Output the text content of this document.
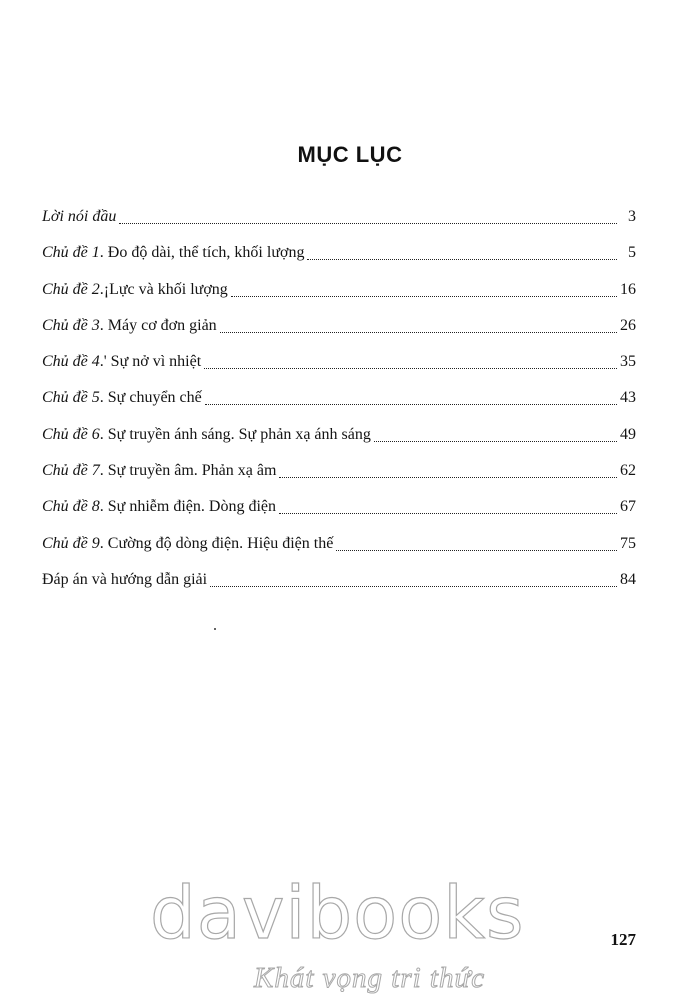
MỤC LỤC
Lời nói đầu	3
Chủ đề 1. Đo độ dài, thể tích, khối lượng	5
Chủ đề 2.¡Lực và khối lượng	16
Chủ đề 3. Máy cơ đơn giản	26
Chủ đề 4.' Sự nở vì nhiệt	35
Chủ đề 5. Sự chuyển chế	43
Chủ đề 6. Sự truyền ánh sáng. Sự phản xạ ánh sáng	49
Chủ đề 7. Sự truyền âm. Phản xạ âm	62
Chủ đề 8. Sự nhiễm điện. Dòng điện	67
Chủ đề 9. Cường độ dòng điện. Hiệu điện thế	75
Đáp án và hướng dẫn giải	84
davibooks
Khát vọng tri thức
127
